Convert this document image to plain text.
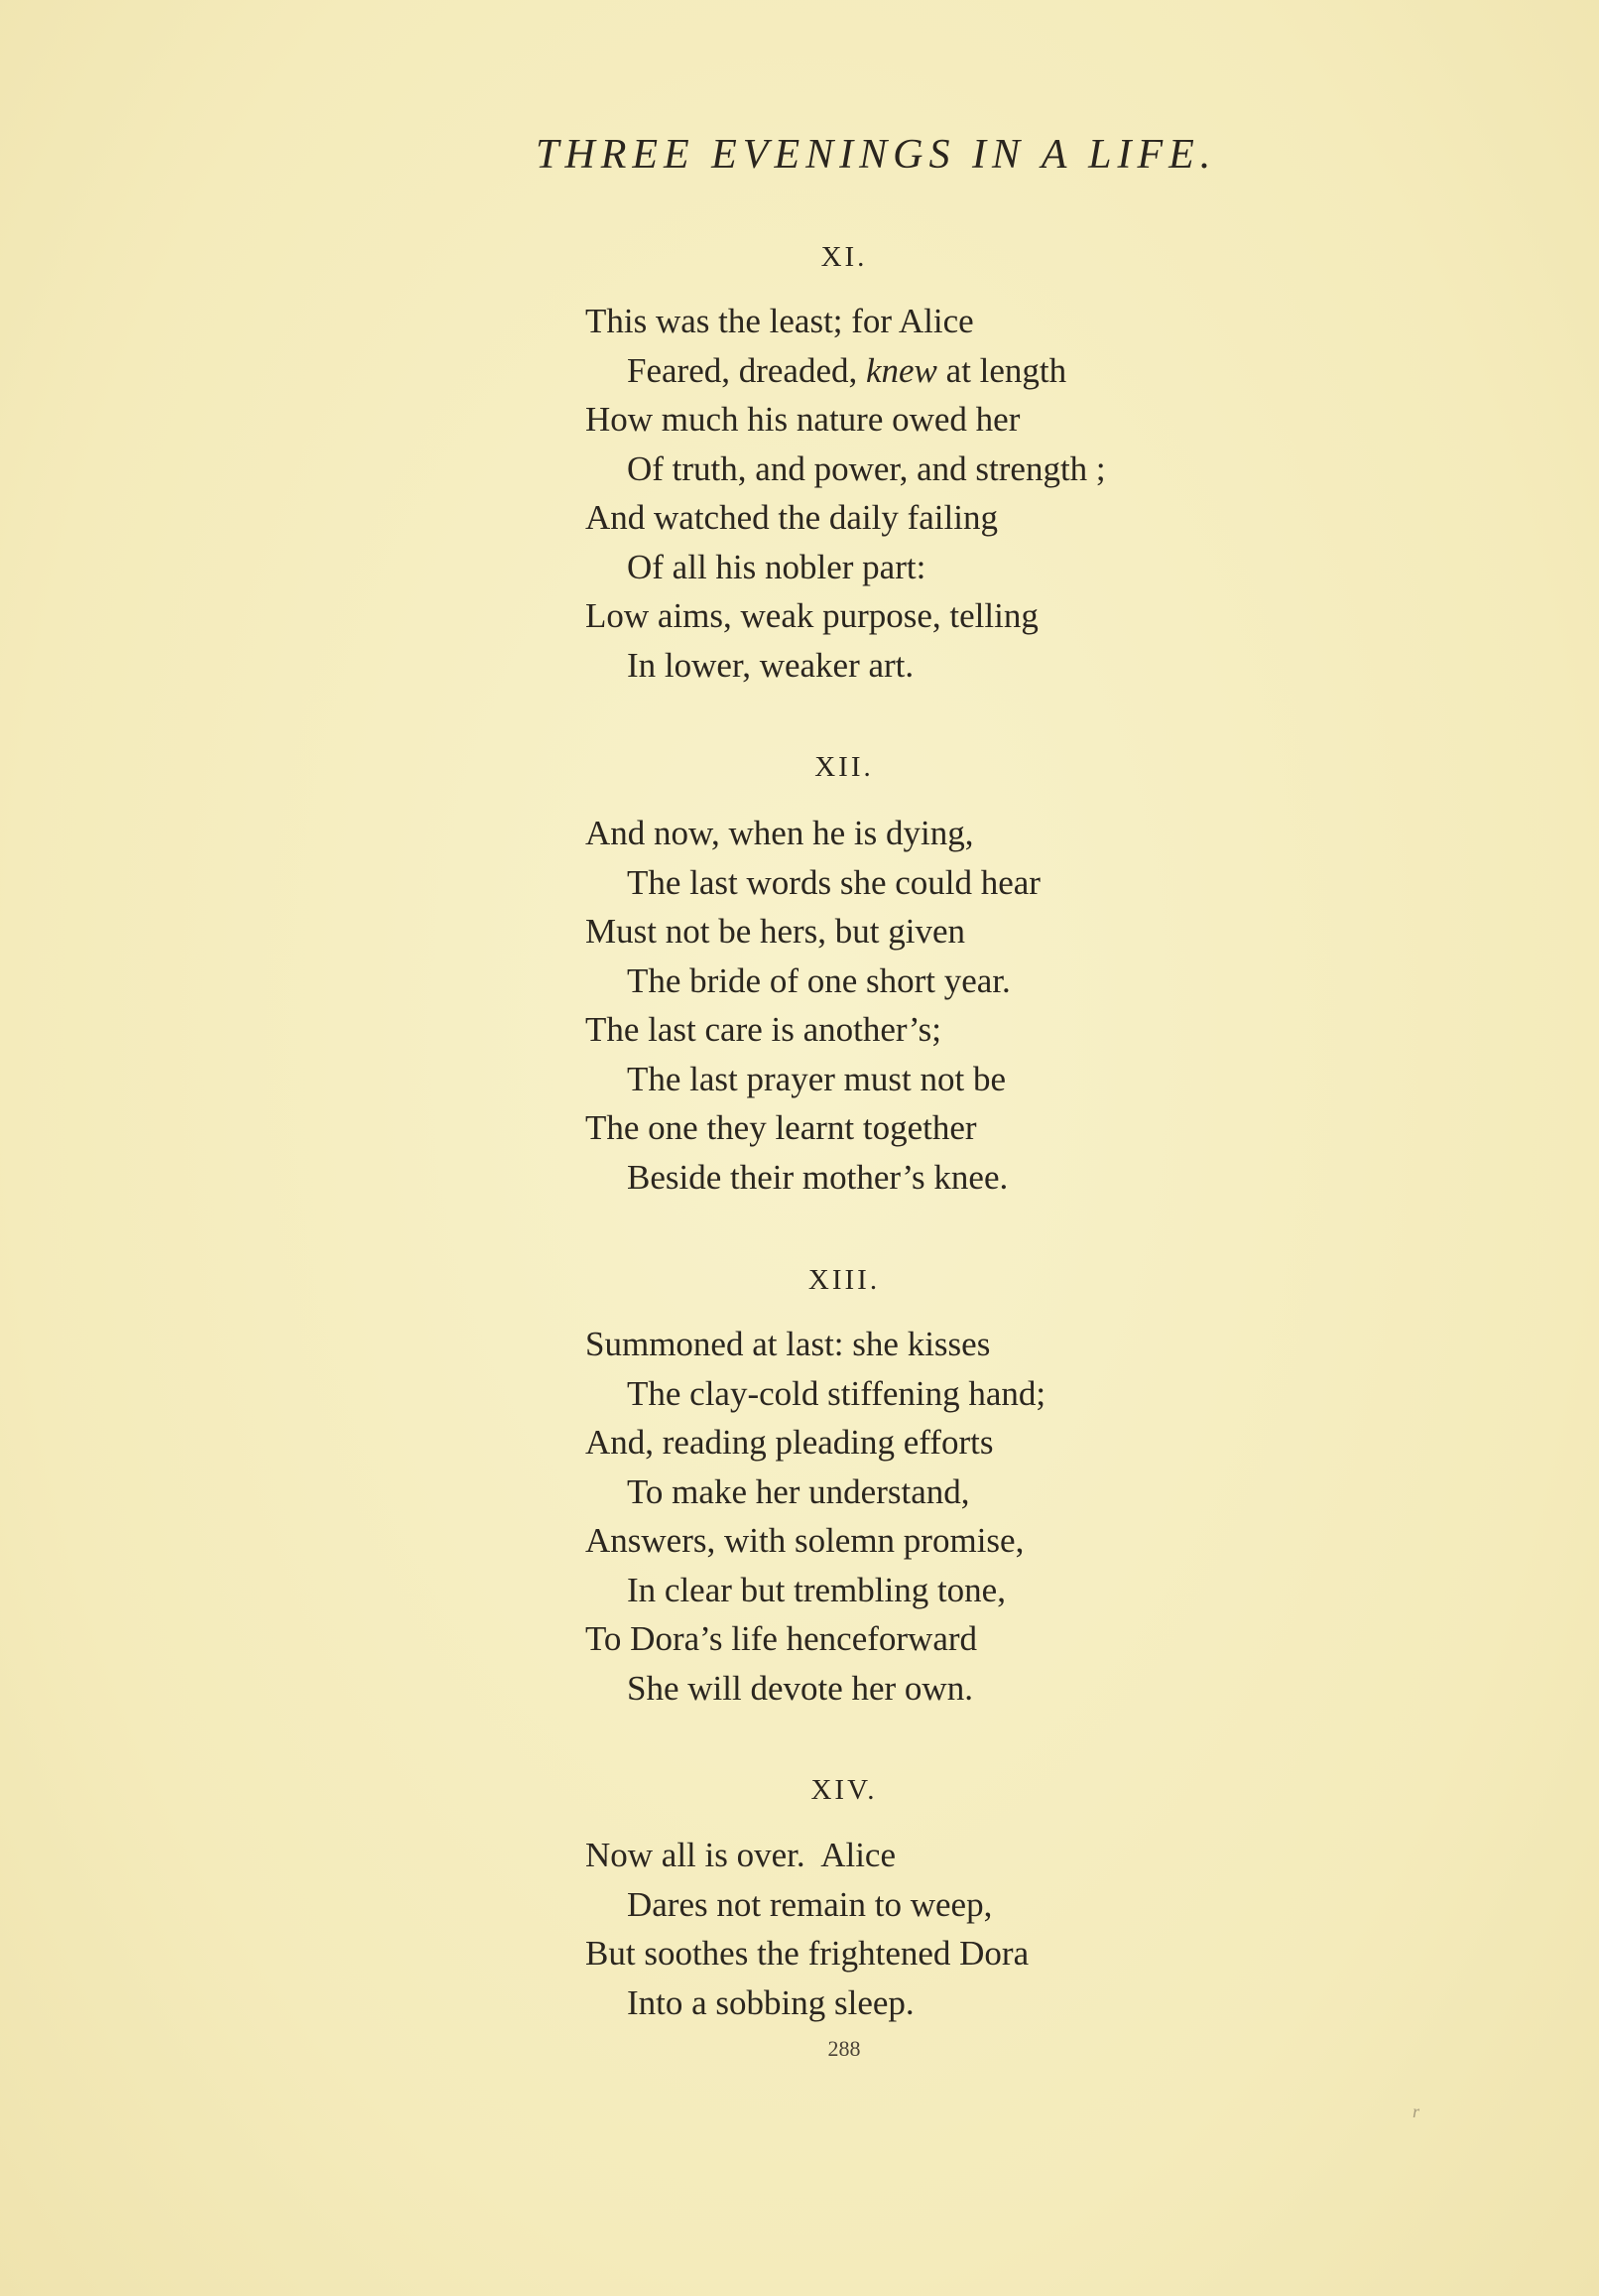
THREE EVENINGS IN A LIFE.
XI.
This was the least; for Alice
Feared, dreaded, knew at length
How much his nature owed her
Of truth, and power, and strength ;
And watched the daily failing
Of all his nobler part:
Low aims, weak purpose, telling
In lower, weaker art.
XII.
And now, when he is dying,
The last words she could hear
Must not be hers, but given
The bride of one short year.
The last care is another’s;
The last prayer must not be
The one they learnt together
Beside their mother’s knee.
XIII.
Summoned at last: she kisses
The clay-cold stiffening hand;
And, reading pleading efforts
To make her understand,
Answers, with solemn promise,
In clear but trembling tone,
To Dora’s life henceforward
She will devote her own.
XIV.
Now all is over.  Alice
Dares not remain to weep,
But soothes the frightened Dora
Into a sobbing sleep.
288
r
